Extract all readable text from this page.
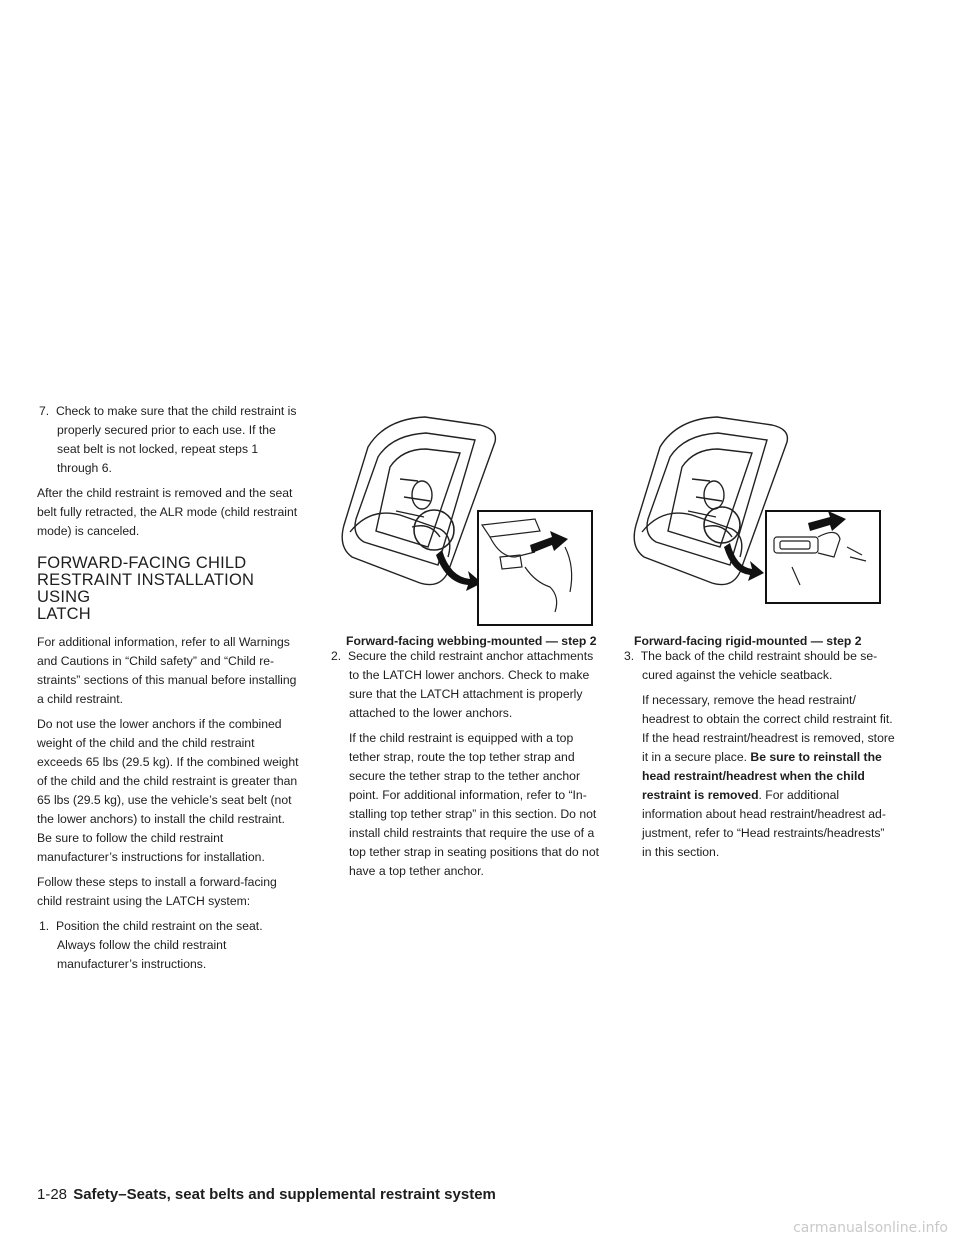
7. Check to make sure that the child restraint is properly secured prior to each use. If the seat belt is not locked, repeat steps 1 through 6.

After the child restraint is removed and the seat belt fully retracted, the ALR mode (child restraint mode) is canceled.

FORWARD-FACING CHILD
RESTRAINT INSTALLATION USING
LATCH

For additional information, refer to all Warnings and Cautions in “Child safety” and “Child re-straints” sections of this manual before installing a child restraint.

Do not use the lower anchors if the combined weight of the child and the child restraint exceeds 65 lbs (29.5 kg). If the combined weight of the child and the child restraint is greater than 65 lbs (29.5 kg), use the vehicle’s seat belt (not the lower anchors) to install the child restraint. Be sure to follow the child restraint manufacturer’s instructions for installation.

Follow these steps to install a forward-facing child restraint using the LATCH system:

1. Position the child restraint on the seat. Always follow the child restraint manufacturer’s instructions.

Forward-facing webbing-mounted — step 2	Forward-facing rigid-mounted — step 2

2. Secure the child restraint anchor attachments to the LATCH lower anchors. Check to make sure that the LATCH attachment is properly attached to the lower anchors.

If the child restraint is equipped with a top tether strap, route the top tether strap and secure the tether strap to the tether anchor point. For additional information, refer to “In-stalling top tether strap” in this section. Do not install child restraints that require the use of a top tether strap in seating positions that do not have a top tether anchor.

3. The back of the child restraint should be se-cured against the vehicle seatback.

If necessary, remove the head restraint/ headrest to obtain the correct child restraint fit. If the head restraint/headrest is removed, store it in a secure place. Be sure to reinstall the head restraint/headrest when the child restraint is removed. For additional information about head restraint/headrest ad-justment, refer to “Head restraints/headrests” in this section.

1-28 Safety–Seats, seat belts and supplemental restraint system
carmanualsonline.info
